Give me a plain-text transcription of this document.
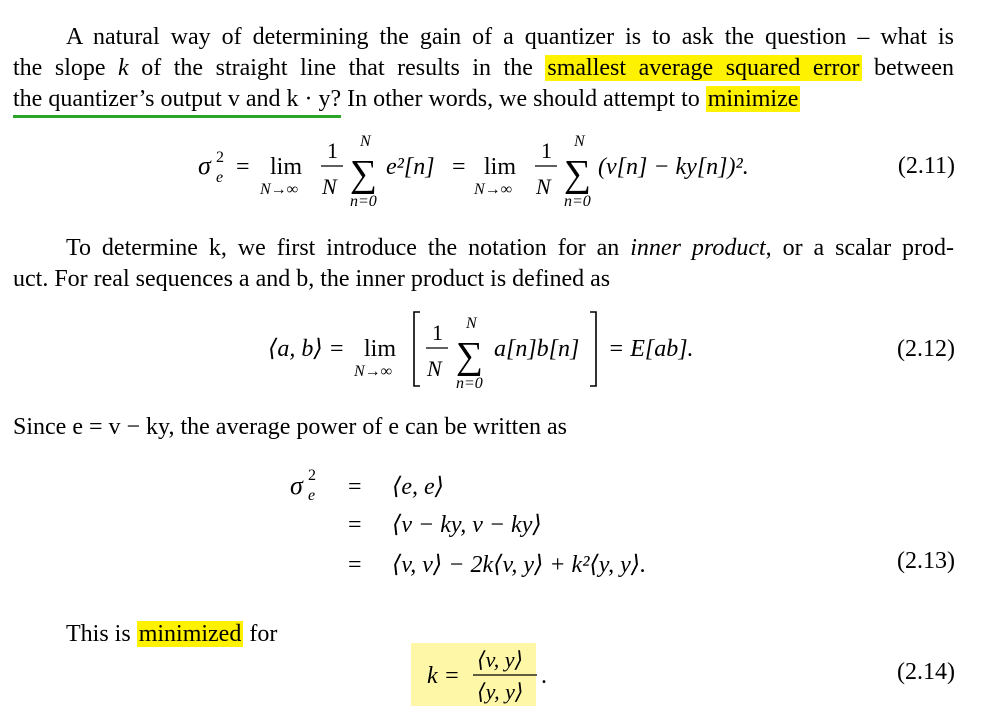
A natural way of determining the gain of a quantizer is to ask the question – what is

the slope k of the straight line that results in the smallest average squared error between

the quantizer’s output v and k · y? In other words, we should attempt to minimize

σ 2
e = lim
N→∞
1
N
N
∑
n=0
e²[n] = lim
N→∞
1
N
N
∑
n=0
(v[n] − ky[n])².	(2.11)

To determine k, we first introduce the notation for an inner product, or a scalar prod-

uct. For real sequences a and b, the inner product is defined as

⟨a, b⟩ = lim
N→∞
1
N
N
∑
n=0
a[n]b[n] = E[ab].	(2.12)

Since e = v − ky, the average power of e can be written as

σ 2
e = ⟨e, e⟩
= ⟨v − ky, v − ky⟩
= ⟨v, v⟩ − 2k⟨v, y⟩ + k²⟨y, y⟩.	(2.13)

This is minimized for

k =
⟨v, y⟩
⟨y, y⟩
.	(2.14)
